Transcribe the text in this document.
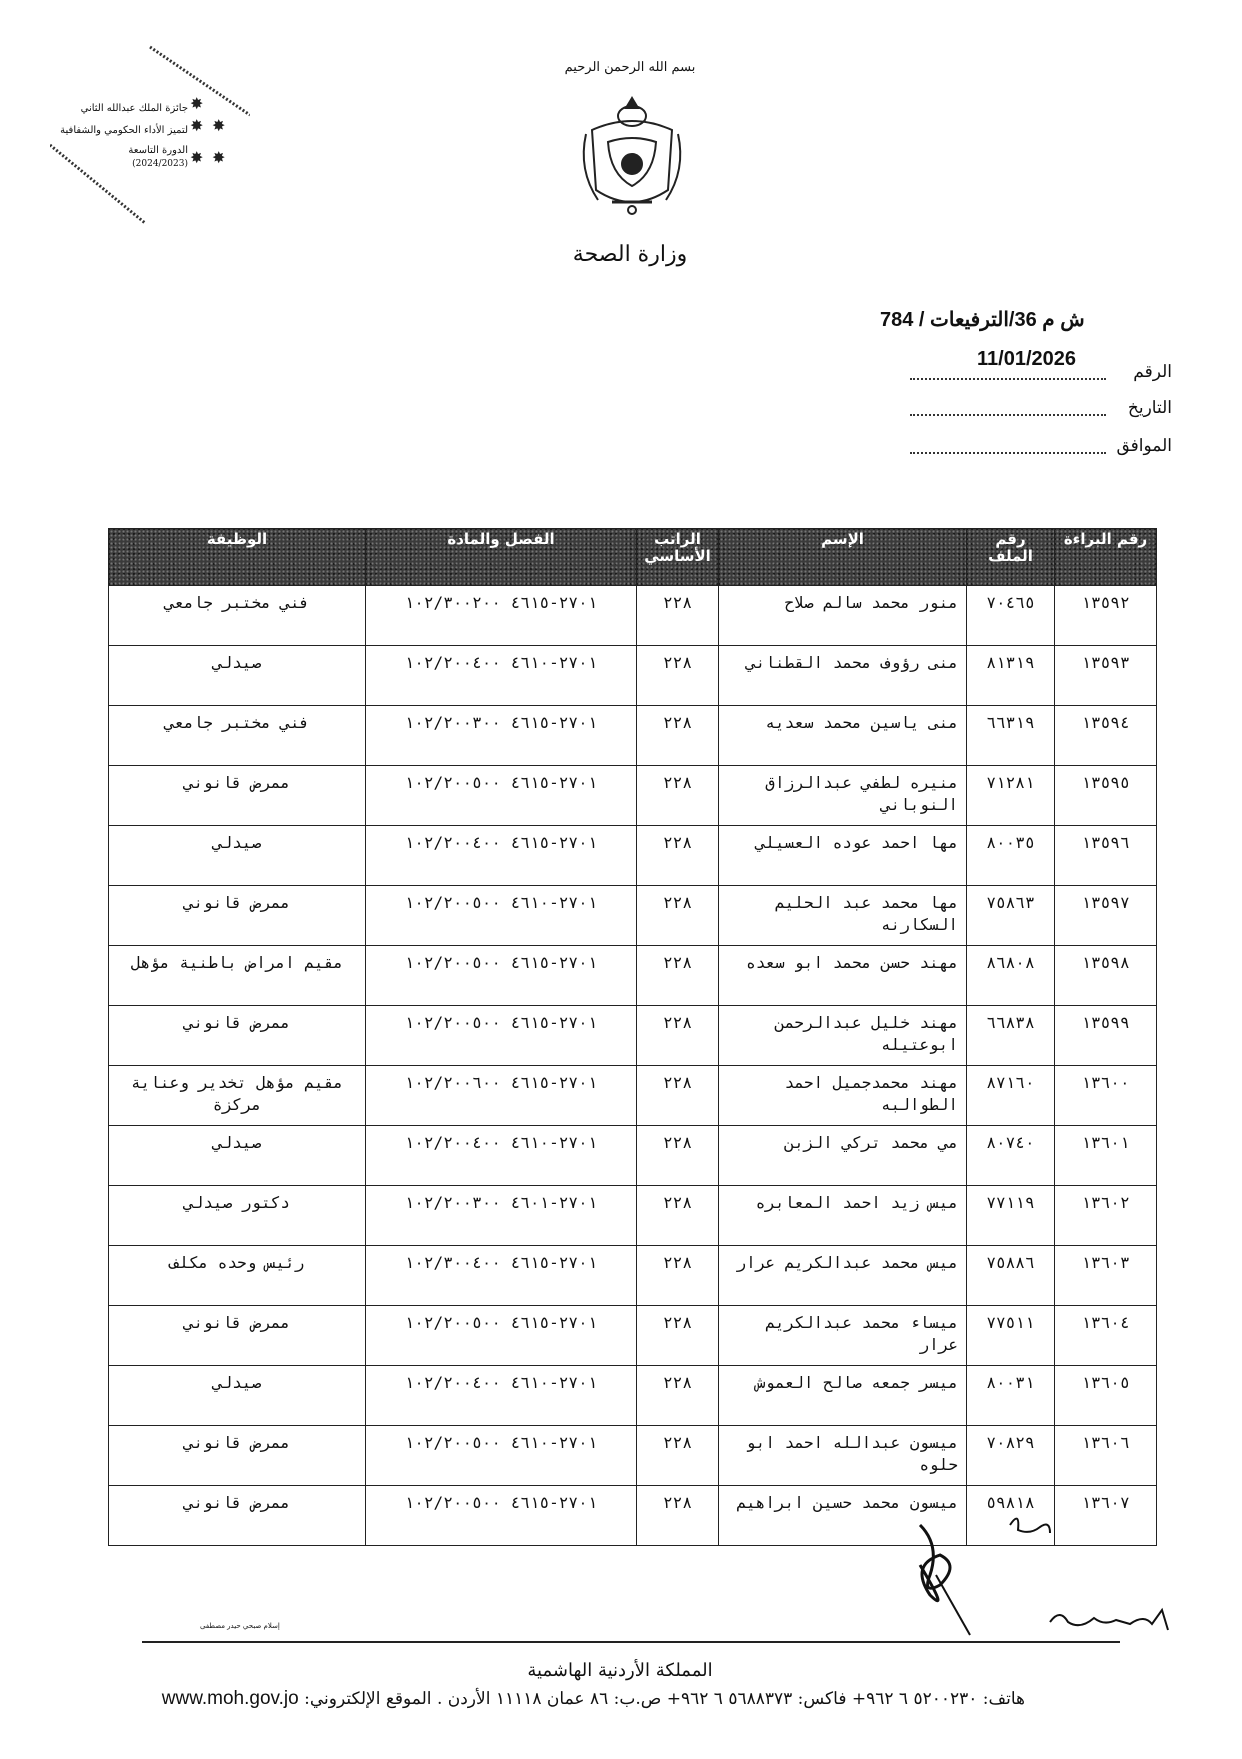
✸
✸ ✸
✸ ✸
جائزة الملك عبدالله الثاني
لتميز الأداء الحكومي والشفافية
الدورة التاسعة
(2024/2023)
بسم الله الرحمن الرحيم
وزارة الصحة
ش م 36/الترفيعات / 784
11/01/2026
الرقم
التاريخ
الموافق
رقم البراءة	رقم الملف	الإسم	الراتب الأساسي	الفصل والمادة	الوظيفة
١٣٥٩٢	٧٠٤٦٥	منور محمد سالم صلاح	٢٢٨	٢٧٠١-٤٦١٥ ١٠٢/٣٠٠٢٠٠	فني مختبر جامعي
١٣٥٩٣	٨١٣١٩	منى رؤوف محمد القطناني	٢٢٨	٢٧٠١-٤٦١٠ ١٠٢/٢٠٠٤٠٠	صيدلي
١٣٥٩٤	٦٦٣١٩	منى ياسين محمد سعديه	٢٢٨	٢٧٠١-٤٦١٥ ١٠٢/٢٠٠٣٠٠	فني مختبر جامعي
١٣٥٩٥	٧١٢٨١	منيره لطفي عبدالرزاق النوباني	٢٢٨	٢٧٠١-٤٦١٥ ١٠٢/٢٠٠٥٠٠	ممرض قانوني
١٣٥٩٦	٨٠٠٣٥	مها احمد عوده العسيلي	٢٢٨	٢٧٠١-٤٦١٥ ١٠٢/٢٠٠٤٠٠	صيدلي
١٣٥٩٧	٧٥٨٦٣	مها محمد عبد الحليم السكارنه	٢٢٨	٢٧٠١-٤٦١٠ ١٠٢/٢٠٠٥٠٠	ممرض قانوني
١٣٥٩٨	٨٦٨٠٨	مهند حسن محمد ابو سعده	٢٢٨	٢٧٠١-٤٦١٥ ١٠٢/٢٠٠٥٠٠	مقيم امراض باطنية مؤهل
١٣٥٩٩	٦٦٨٣٨	مهند خليل عبدالرحمن ابوعتيله	٢٢٨	٢٧٠١-٤٦١٥ ١٠٢/٢٠٠٥٠٠	ممرض قانوني
١٣٦٠٠	٨٧١٦٠	مهند محمدجميل احمد الطوالبه	٢٢٨	٢٧٠١-٤٦١٥ ١٠٢/٢٠٠٦٠٠	مقيم مؤهل تخدير وعناية مركزة
١٣٦٠١	٨٠٧٤٠	مي محمد تركي الزبن	٢٢٨	٢٧٠١-٤٦١٠ ١٠٢/٢٠٠٤٠٠	صيدلي
١٣٦٠٢	٧٧١١٩	ميس زيد احمد المعابره	٢٢٨	٢٧٠١-٤٦٠١ ١٠٢/٢٠٠٣٠٠	دكتور صيدلي
١٣٦٠٣	٧٥٨٨٦	ميس محمد عبدالكريم عرار	٢٢٨	٢٧٠١-٤٦١٥ ١٠٢/٣٠٠٤٠٠	رئيس وحده مكلف
١٣٦٠٤	٧٧٥١١	ميساء محمد عبدالكريم عرار	٢٢٨	٢٧٠١-٤٦١٥ ١٠٢/٢٠٠٥٠٠	ممرض قانوني
١٣٦٠٥	٨٠٠٣١	ميسر جمعه صالح العموش	٢٢٨	٢٧٠١-٤٦١٠ ١٠٢/٢٠٠٤٠٠	صيدلي
١٣٦٠٦	٧٠٨٢٩	ميسون عبدالله احمد ابو حلوه	٢٢٨	٢٧٠١-٤٦١٠ ١٠٢/٢٠٠٥٠٠	ممرض قانوني
١٣٦٠٧	٥٩٨١٨	ميسون محمد حسين ابراهيم	٢٢٨	٢٧٠١-٤٦١٥ ١٠٢/٢٠٠٥٠٠	ممرض قانوني
إسلام صبحي حيدر مصطفى
المملكة الأردنية الهاشمية
هاتف: ٥٢٠٠٢٣٠ ٦ ٩٦٢+ فاكس: ٥٦٨٨٣٧٣ ٦ ٩٦٢+ ص.ب: ٨٦ عمان ١١١١٨ الأردن . الموقع الإلكتروني: www.moh.gov.jo
